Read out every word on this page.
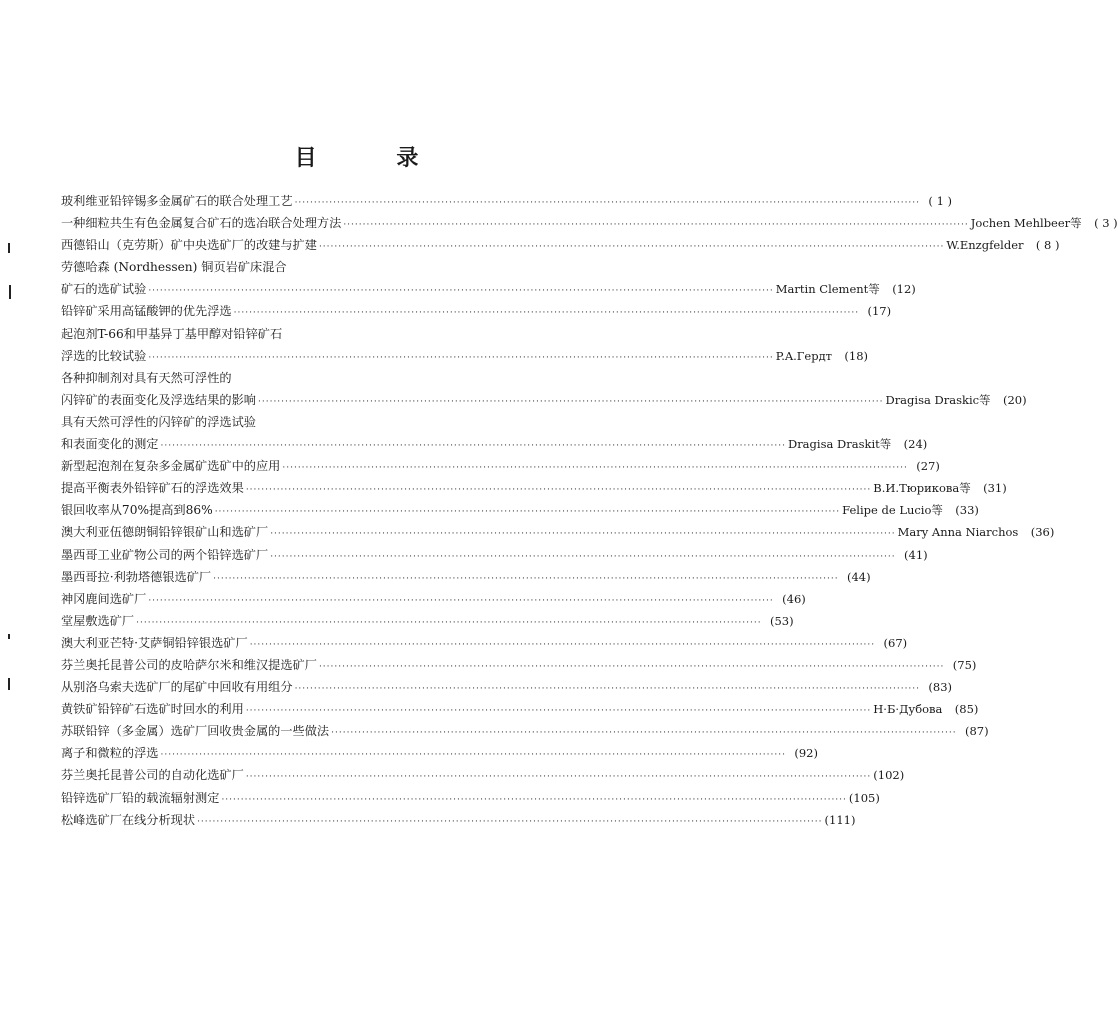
目 录
玻利维亚铅锌锡多金属矿石的联合处理工艺 ·····	( 1 )
一种细粒共生有色金属复合矿石的选冶联合处理方法 ·····	Jochen Mehlbeer等	( 3 )
西德铅山（克劳斯）矿中央选矿厂的改建与扩建 ·····	W.Enzgfelder	( 8 )
劳德哈森 (Nordhessen) 铜页岩矿床混合
矿石的选矿试验 ·····	Martin Clement等	(12)
铅锌矿采用高锰酸钾的优先浮选 ·····	(17)
起泡剂T-66和甲基异丁基甲醇对铅锌矿石
浮选的比较试验 ·····	P.A.Гердт	(18)
各种抑制剂对具有天然可浮性的
闪锌矿的表面变化及浮选结果的影响 ·····	Dragisa Draskic等	(20)
具有天然可浮性的闪锌矿的浮选试验
和表面变化的测定 ·····	Dragisa Draskit等	(24)
新型起泡剂在复杂多金属矿选矿中的应用 ·····	(27)
提高平衡表外铅锌矿石的浮选效果 ·····	В.И.Тюрикова等	(31)
银回收率从70%提高到86% ·····	Felipe de Lucio等	(33)
澳大利亚伍德朗铜铅锌银矿山和选矿厂 ·····	Mary Anna Niarchos	(36)
墨西哥工业矿物公司的两个铅锌选矿厂 ·····	(41)
墨西哥拉·利勃塔德银选矿厂 ·····	(44)
神冈鹿间选矿厂 ·····	(46)
堂屋敷选矿厂 ·····	(53)
澳大利亚芒特·艾萨铜铅锌银选矿厂 ·····	(67)
芬兰奥托昆普公司的皮哈萨尔米和维汉提选矿厂 ·····	(75)
从别洛乌索夫选矿厂的尾矿中回收有用组分 ·····	(83)
黄铁矿铅锌矿石选矿时回水的利用 ·····	Н·Б·Дубова	(85)
苏联铅锌（多金属）选矿厂回收贵金属的一些做法 ·····	(87)
离子和微粒的浮选 ·····	(92)
芬兰奥托昆普公司的自动化选矿厂 ·····	(102)
铅锌选矿厂铅的载流辐射测定 ·····	(105)
松峰选矿厂在线分析现状 ·····	(111)
